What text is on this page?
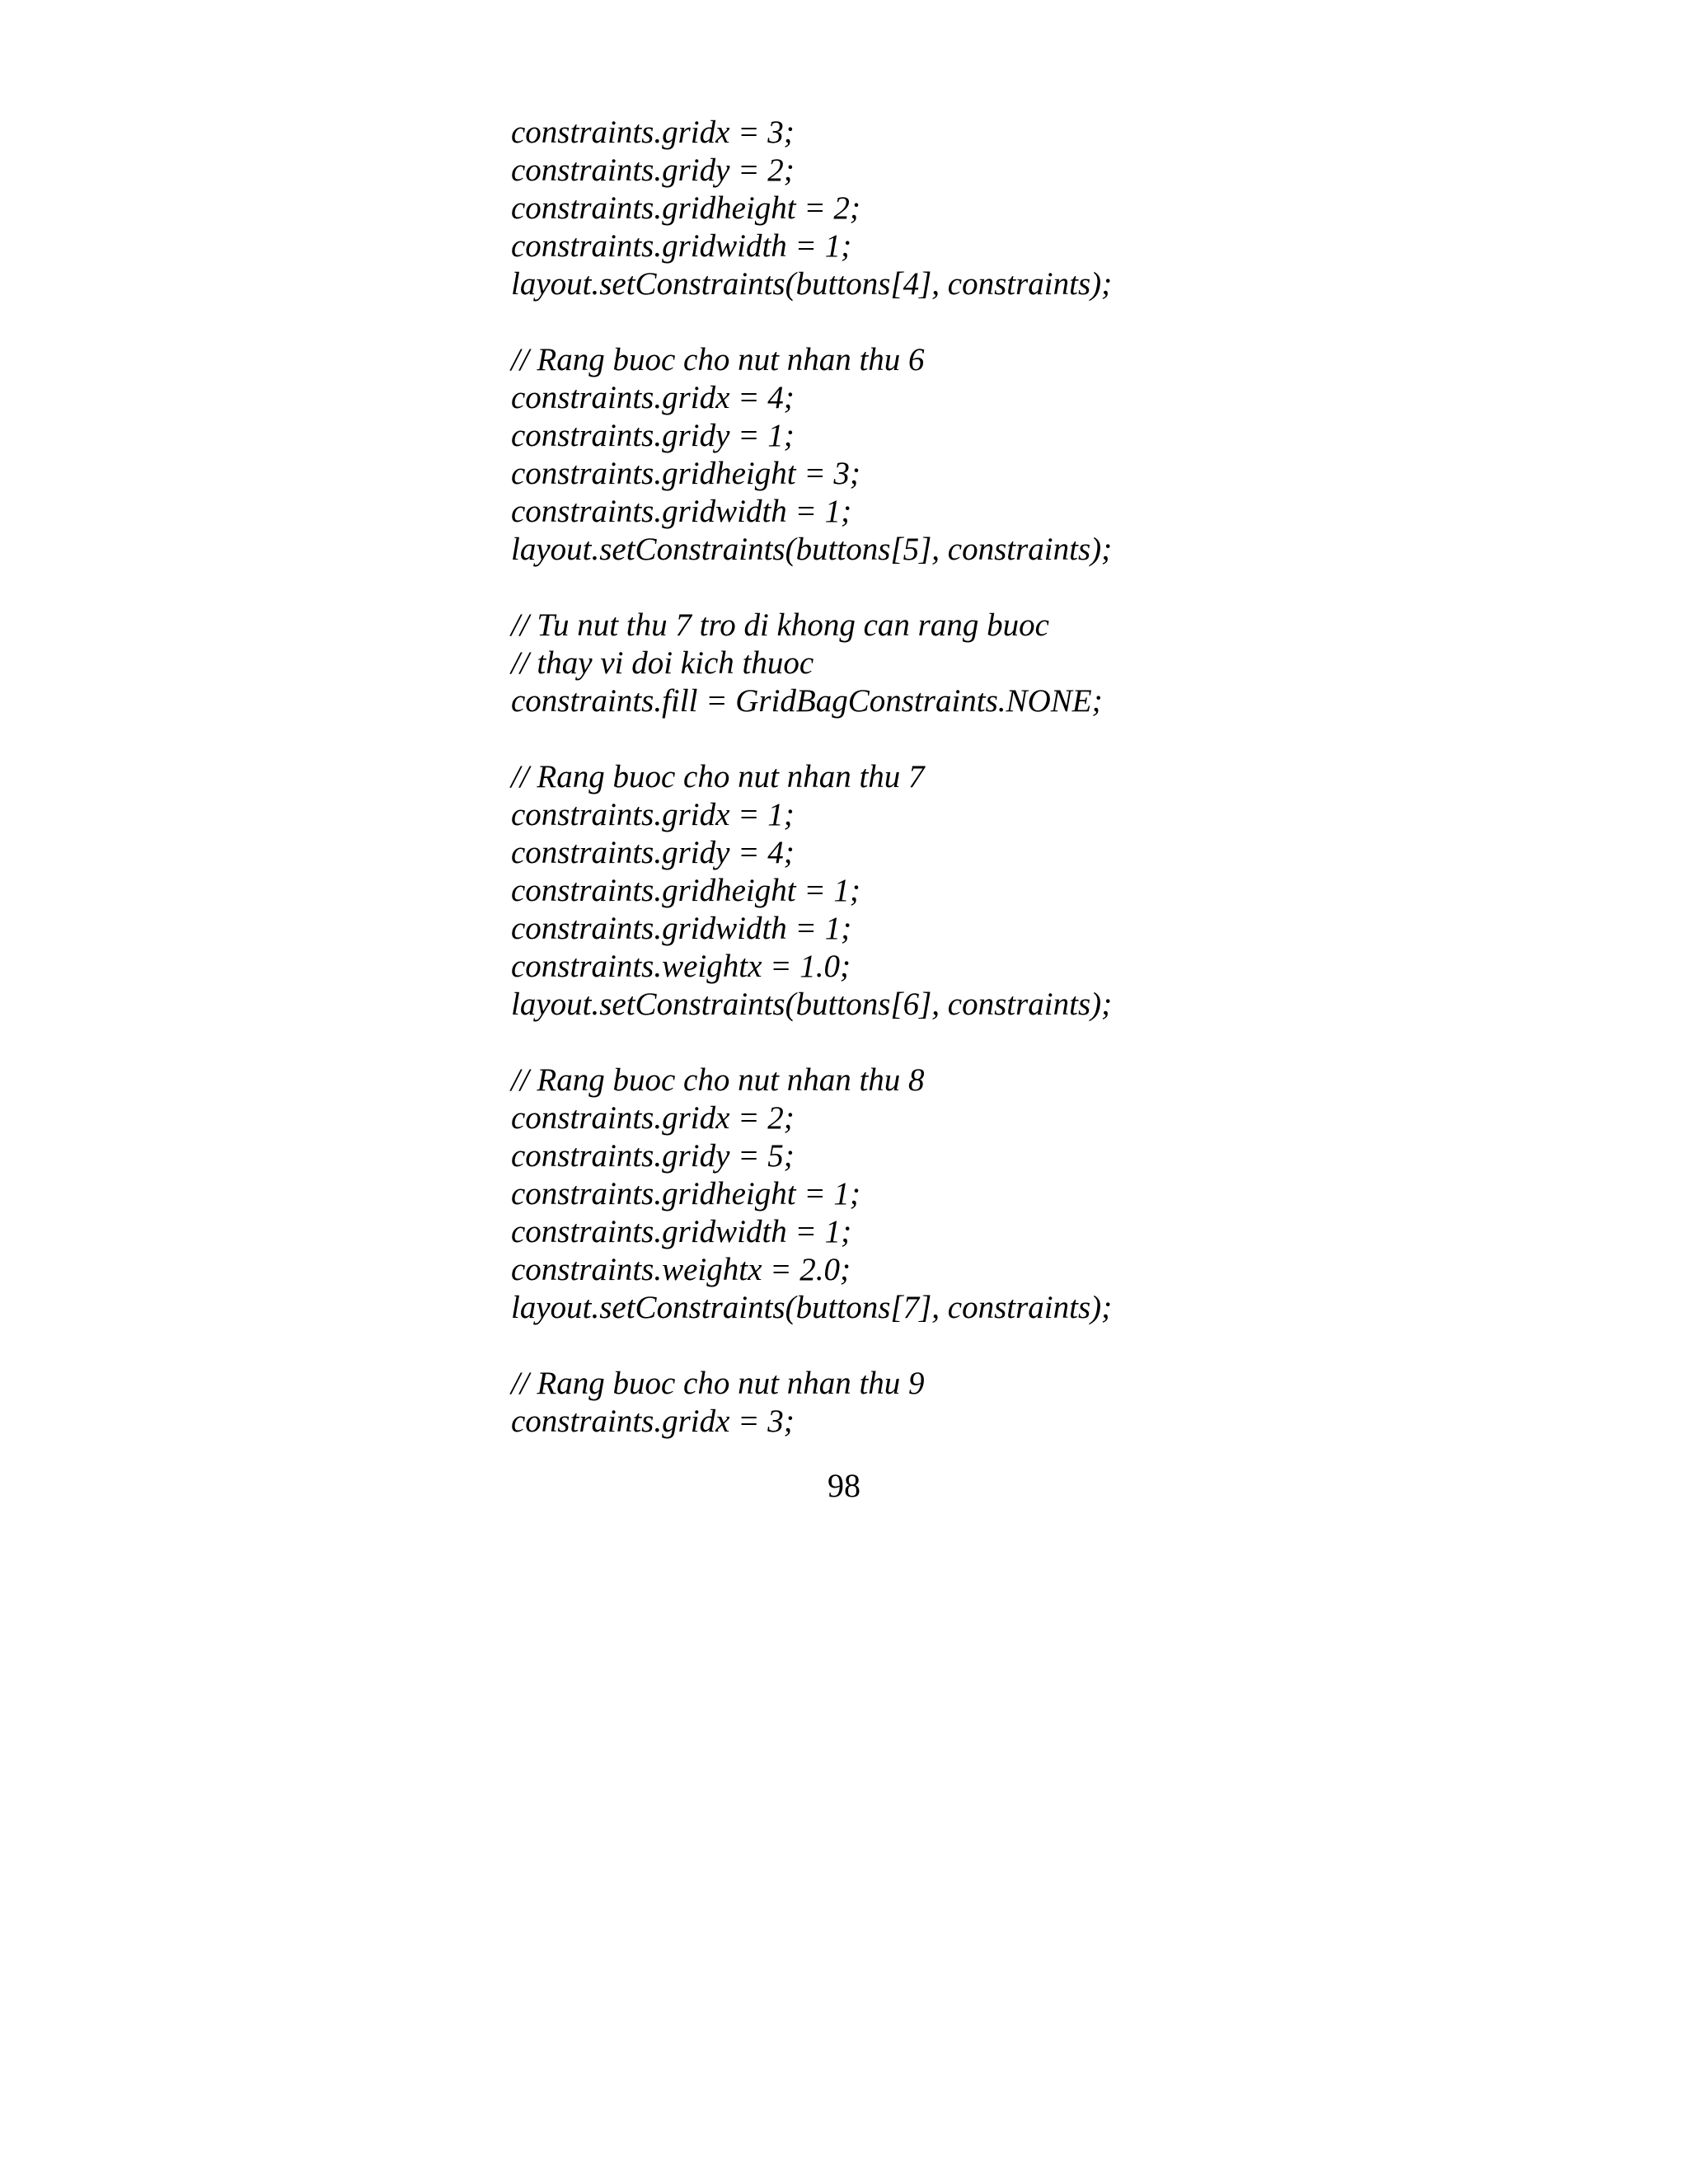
constraints.gridx = 3;
constraints.gridy = 2;
constraints.gridheight = 2;
constraints.gridwidth = 1;
layout.setConstraints(buttons[4], constraints);
// Rang buoc cho nut nhan thu 6
constraints.gridx = 4;
constraints.gridy = 1;
constraints.gridheight = 3;
constraints.gridwidth = 1;
layout.setConstraints(buttons[5], constraints);
// Tu nut thu 7 tro di khong can rang buoc
// thay vi doi kich thuoc
constraints.fill = GridBagConstraints.NONE;
// Rang buoc cho nut nhan thu 7
constraints.gridx = 1;
constraints.gridy = 4;
constraints.gridheight = 1;
constraints.gridwidth = 1;
constraints.weightx = 1.0;
layout.setConstraints(buttons[6], constraints);
// Rang buoc cho nut nhan thu 8
constraints.gridx = 2;
constraints.gridy = 5;
constraints.gridheight = 1;
constraints.gridwidth = 1;
constraints.weightx = 2.0;
layout.setConstraints(buttons[7], constraints);
// Rang buoc cho nut nhan thu 9
constraints.gridx = 3;
98
